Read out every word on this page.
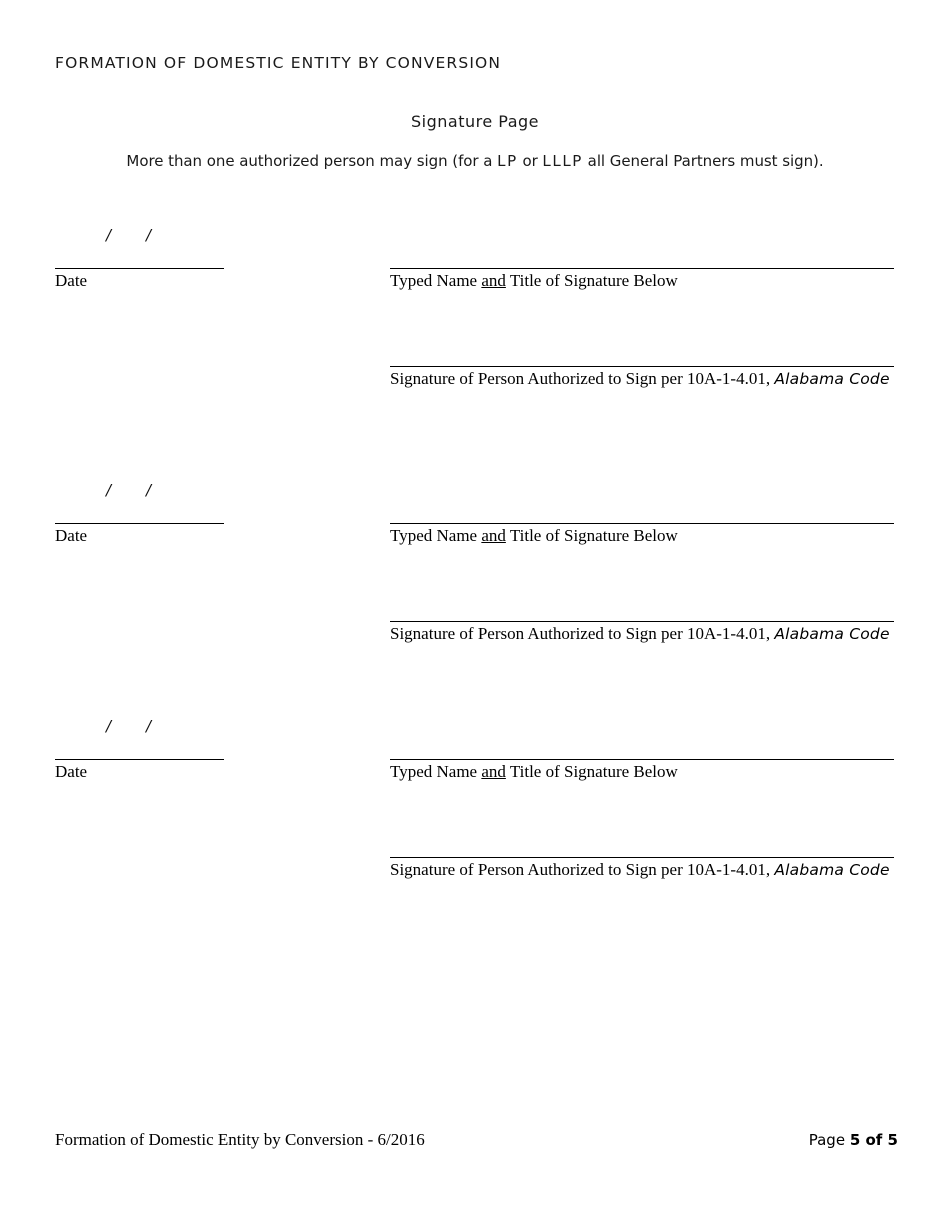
FORMATION OF DOMESTIC ENTITY BY CONVERSION
Signature Page
More than one authorized person may sign (for a LP or LLLP all General Partners must sign).
/ /
Date	Typed Name and Title of Signature Below
Signature of Person Authorized to Sign per 10A-1-4.01, Alabama Code
/ /
Date	Typed Name and Title of Signature Below
Signature of Person Authorized to Sign per 10A-1-4.01, Alabama Code
/ /
Date	Typed Name and Title of Signature Below
Signature of Person Authorized to Sign per 10A-1-4.01, Alabama Code
Formation of Domestic Entity by Conversion - 6/2016	Page 5 of 5
